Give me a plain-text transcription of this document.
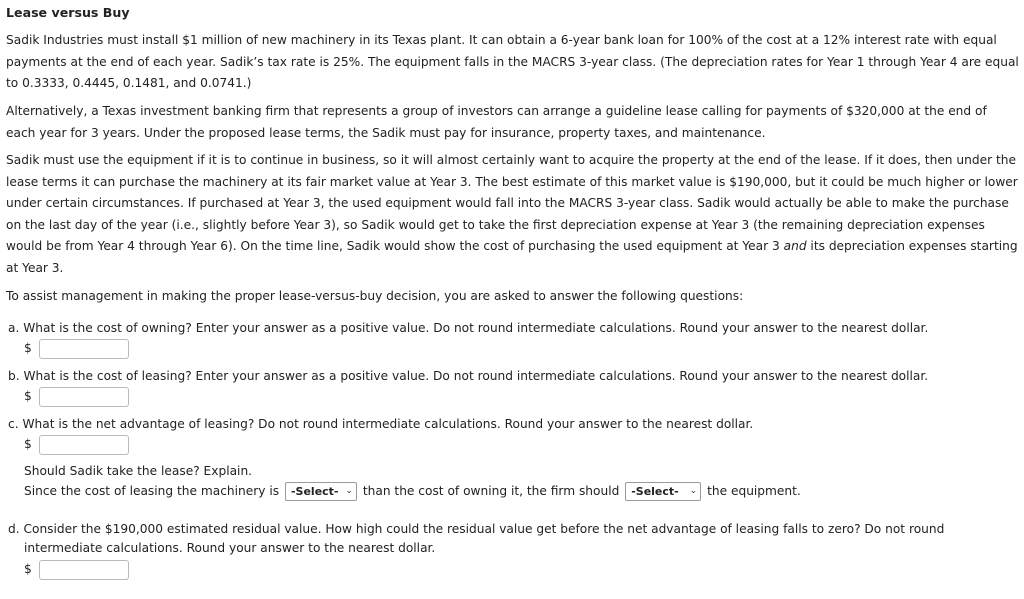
Lease versus Buy

Sadik Industries must install $1 million of new machinery in its Texas plant. It can obtain a 6-year bank loan for 100% of the cost at a 12% interest rate with equal payments at the end of each year. Sadik’s tax rate is 25%. The equipment falls in the MACRS 3-year class. (The depreciation rates for Year 1 through Year 4 are equal to 0.3333, 0.4445, 0.1481, and 0.0741.)

Alternatively, a Texas investment banking firm that represents a group of investors can arrange a guideline lease calling for payments of $320,000 at the end of each year for 3 years. Under the proposed lease terms, the Sadik must pay for insurance, property taxes, and maintenance.

Sadik must use the equipment if it is to continue in business, so it will almost certainly want to acquire the property at the end of the lease. If it does, then under the lease terms it can purchase the machinery at its fair market value at Year 3. The best estimate of this market value is $190,000, but it could be much higher or lower under certain circumstances. If purchased at Year 3, the used equipment would fall into the MACRS 3-year class. Sadik would actually be able to make the purchase on the last day of the year (i.e., slightly before Year 3), so Sadik would get to take the first depreciation expense at Year 3 (the remaining depreciation expenses would be from Year 4 through Year 6). On the time line, Sadik would show the cost of purchasing the used equipment at Year 3 and its depreciation expenses starting at Year 3.

To assist management in making the proper lease-versus-buy decision, you are asked to answer the following questions:

a. What is the cost of owning? Enter your answer as a positive value. Do not round intermediate calculations. Round your answer to the nearest dollar.

$

b. What is the cost of leasing? Enter your answer as a positive value. Do not round intermediate calculations. Round your answer to the nearest dollar.

$

c. What is the net advantage of leasing? Do not round intermediate calculations. Round your answer to the nearest dollar.

$

Should Sadik take the lease? Explain.

Since the cost of leasing the machinery is -Select- ⌄ than the cost of owning it, the firm should -Select- ⌄ the equipment.
d. Consider the $190,000 estimated residual value. How high could the residual value get before the net advantage of leasing falls to zero? Do not round
intermediate calculations. Round your answer to the nearest dollar.
$
